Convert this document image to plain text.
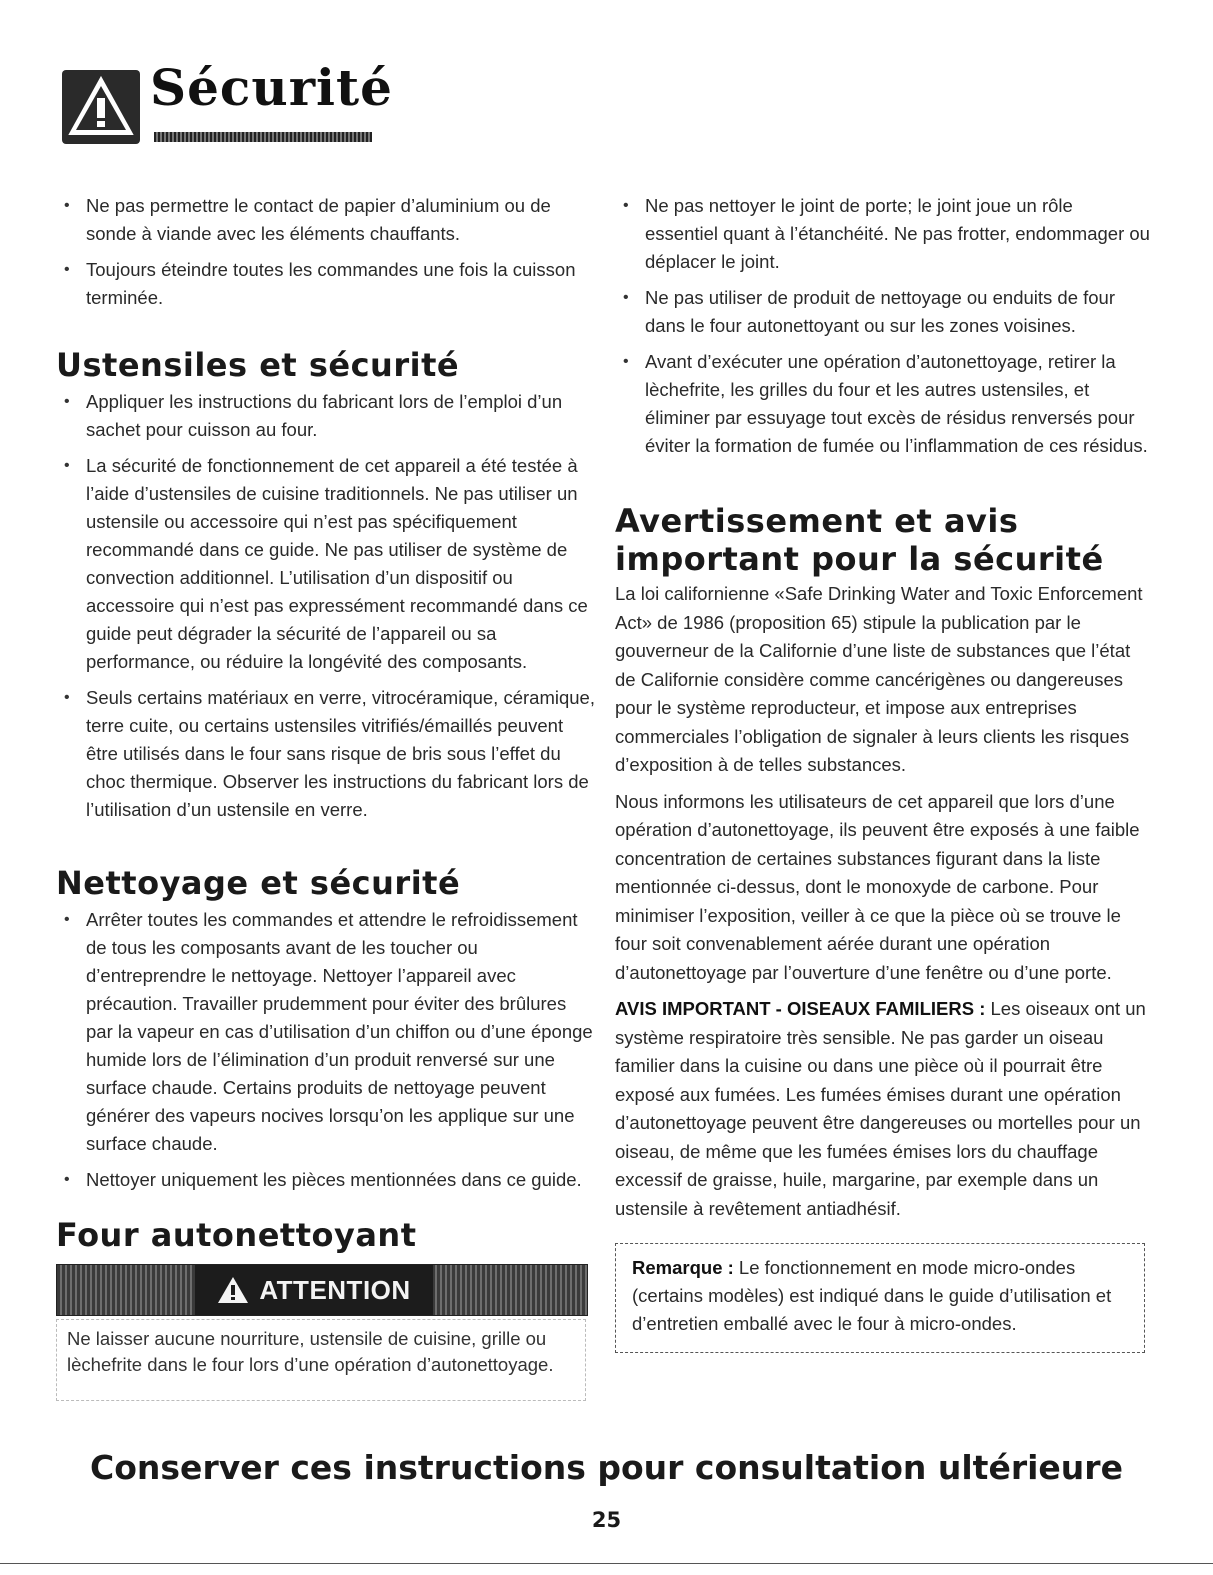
Sécurité
• Ne pas permettre le contact de papier d’aluminium ou de sonde à viande avec les éléments chauffants.
• Toujours éteindre toutes les commandes une fois la cuisson terminée.
Ustensiles et sécurité
• Appliquer les instructions du fabricant lors de l’emploi d’un sachet pour cuisson au four.
• La sécurité de fonctionnement de cet appareil a été testée à l’aide d’ustensiles de cuisine traditionnels. Ne pas utiliser un ustensile ou accessoire qui n’est pas spécifiquement recommandé dans ce guide. Ne pas utiliser de système de convection additionnel. L’utilisation d’un dispositif ou accessoire qui n’est pas expressément recommandé dans ce guide peut dégrader la sécurité de l’appareil ou sa performance, ou réduire la longévité des composants.
• Seuls certains matériaux en verre, vitrocéramique, céramique, terre cuite, ou certains ustensiles vitrifiés/émaillés peuvent être utilisés dans le four sans risque de bris sous l’effet du choc thermique. Observer les instructions du fabricant lors de l’utilisation d’un ustensile en verre.
Nettoyage et sécurité
• Arrêter toutes les commandes et attendre le refroidissement de tous les composants avant de les toucher ou d’entreprendre le nettoyage. Nettoyer l’appareil avec précaution. Travailler prudemment pour éviter des brûlures par la vapeur en cas d’utilisation d’un chiffon ou d’une éponge humide lors de l’élimination d’un produit renversé sur une surface chaude. Certains produits de nettoyage peuvent générer des vapeurs nocives lorsqu’on les applique sur une surface chaude.
• Nettoyer uniquement les pièces mentionnées dans ce guide.
Four autonettoyant
ATTENTION
Ne laisser aucune nourriture, ustensile de cuisine, grille ou lèchefrite dans le four lors d’une opération d’autonettoyage.
• Ne pas nettoyer le joint de porte; le joint joue un rôle essentiel quant à l’étanchéité. Ne pas frotter, endommager ou déplacer le joint.
• Ne pas utiliser de produit de nettoyage ou enduits de four dans le four autonettoyant ou sur les zones voisines.
• Avant d’exécuter une opération d’autonettoyage, retirer la lèchefrite, les grilles du four et les autres ustensiles, et éliminer par essuyage tout excès de résidus renversés pour éviter la formation de fumée ou l’inflammation de ces résidus.
Avertissement et avis important pour la sécurité

La loi californienne «Safe Drinking Water and Toxic Enforcement Act» de 1986 (proposition 65) stipule la publication par le gouverneur de la Californie d’une liste de substances que l’état de Californie considère comme cancérigènes ou dangereuses pour le système reproducteur, et impose aux entreprises commerciales l’obligation de signaler à leurs clients les risques d’exposition à de telles substances.

Nous informons les utilisateurs de cet appareil que lors d’une opération d’autonettoyage, ils peuvent être exposés à une faible concentration de certaines substances figurant dans la liste mentionnée ci-dessus, dont le monoxyde de carbone. Pour minimiser l’exposition, veiller à ce que la pièce où se trouve le four soit convenablement aérée durant une opération d’autonettoyage par l’ouverture d’une fenêtre ou d’une porte.

AVIS IMPORTANT - OISEAUX FAMILIERS : Les oiseaux ont un système respiratoire très sensible. Ne pas garder un oiseau familier dans la cuisine ou dans une pièce où il pourrait être exposé aux fumées. Les fumées émises durant une opération d’autonettoyage peuvent être dangereuses ou mortelles pour un oiseau, de même que les fumées émises lors du chauffage excessif de graisse, huile, margarine, par exemple dans un ustensile à revêtement antiadhésif.

Remarque : Le fonctionnement en mode micro-ondes (certains modèles) est indiqué dans le guide d’utilisation et d’entretien emballé avec le four à micro-ondes.
Conserver ces instructions pour consultation ultérieure
25
